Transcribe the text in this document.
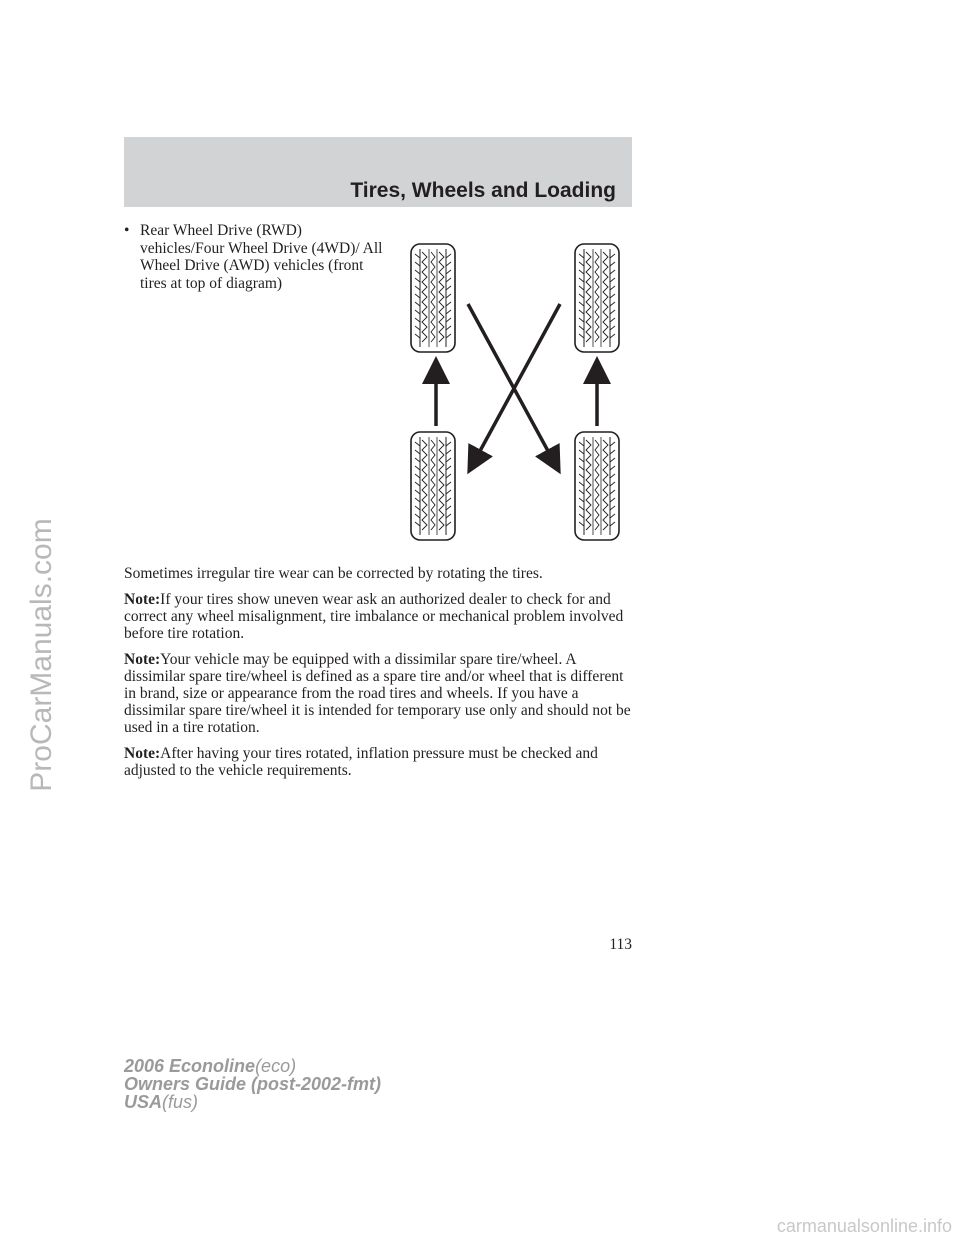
Tires, Wheels and Loading
• Rear Wheel Drive (RWD) vehicles/Four Wheel Drive (4WD)/ All Wheel Drive (AWD) vehicles (front tires at top of diagram)

Sometimes irregular tire wear can be corrected by rotating the tires.

Note:If your tires show uneven wear ask an authorized dealer to check for and correct any wheel misalignment, tire imbalance or mechanical problem involved before tire rotation.

Note:Your vehicle may be equipped with a dissimilar spare tire/wheel. A dissimilar spare tire/wheel is defined as a spare tire and/or wheel that is different in brand, size or appearance from the road tires and wheels. If you have a dissimilar spare tire/wheel it is intended for temporary use only and should not be used in a tire rotation.

Note:After having your tires rotated, inflation pressure must be checked and adjusted to the vehicle requirements.

113
2006 Econoline(eco)
Owners Guide (post-2002-fmt)
USA(fus)
ProCarManuals.com
carmanualsonline.info
